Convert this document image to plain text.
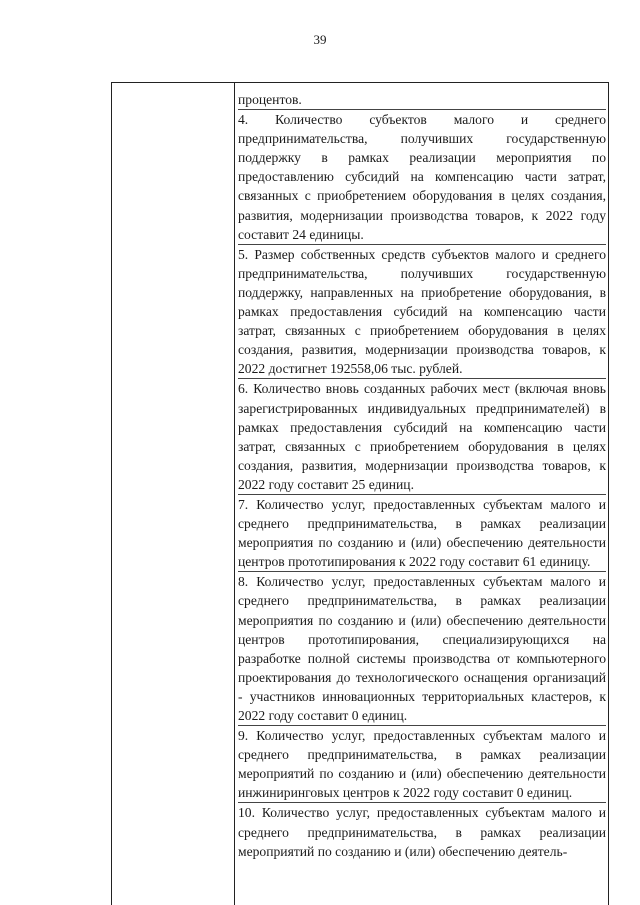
39

процентов.

4. Количество субъектов малого и среднего предпринимательства, получивших государственную поддержку в рамках реализации мероприятия по предоставлению субсидий на компенсацию части затрат, связанных с приобретением оборудования в целях создания, развития, модернизации производства товаров, к 2022 году составит 24 единицы.

5. Размер собственных средств субъектов малого и среднего предпринимательства, получивших государственную поддержку, направленных на приобретение оборудования, в рамках предоставления субсидий на компенсацию части затрат, связанных с приобретением оборудования в целях создания, развития, модернизации производства товаров, к 2022 достигнет 192558,06 тыс. рублей.

6. Количество вновь созданных рабочих мест (включая вновь зарегистрированных индивидуальных предпринимателей) в рамках предоставления субсидий на компенсацию части затрат, связанных с приобретением оборудования в целях создания, развития, модернизации производства товаров, к 2022 году составит 25 единиц.

7. Количество услуг, предоставленных субъектам малого и среднего предпринимательства, в рамках реализации мероприятия по созданию и (или) обеспечению деятельности центров прототипирования к 2022 году составит 61 единицу.

8. Количество услуг, предоставленных субъектам малого и среднего предпринимательства, в рамках реализации мероприятия по созданию и (или) обеспечению деятельности центров прототипирования, специализирующихся на разработке полной системы производства от компьютерного проектирования до технологического оснащения организаций - участников инновационных территориальных кластеров, к 2022 году составит 0 единиц.

9. Количество услуг, предоставленных субъектам малого и среднего предпринимательства, в рамках реализации мероприятий по созданию и (или) обеспечению деятельности инжиниринговых центров к 2022 году составит 0 единиц.

10. Количество услуг, предоставленных субъектам малого и среднего предпринимательства, в рамках реализации мероприятий по созданию и (или) обеспечению деятель-
